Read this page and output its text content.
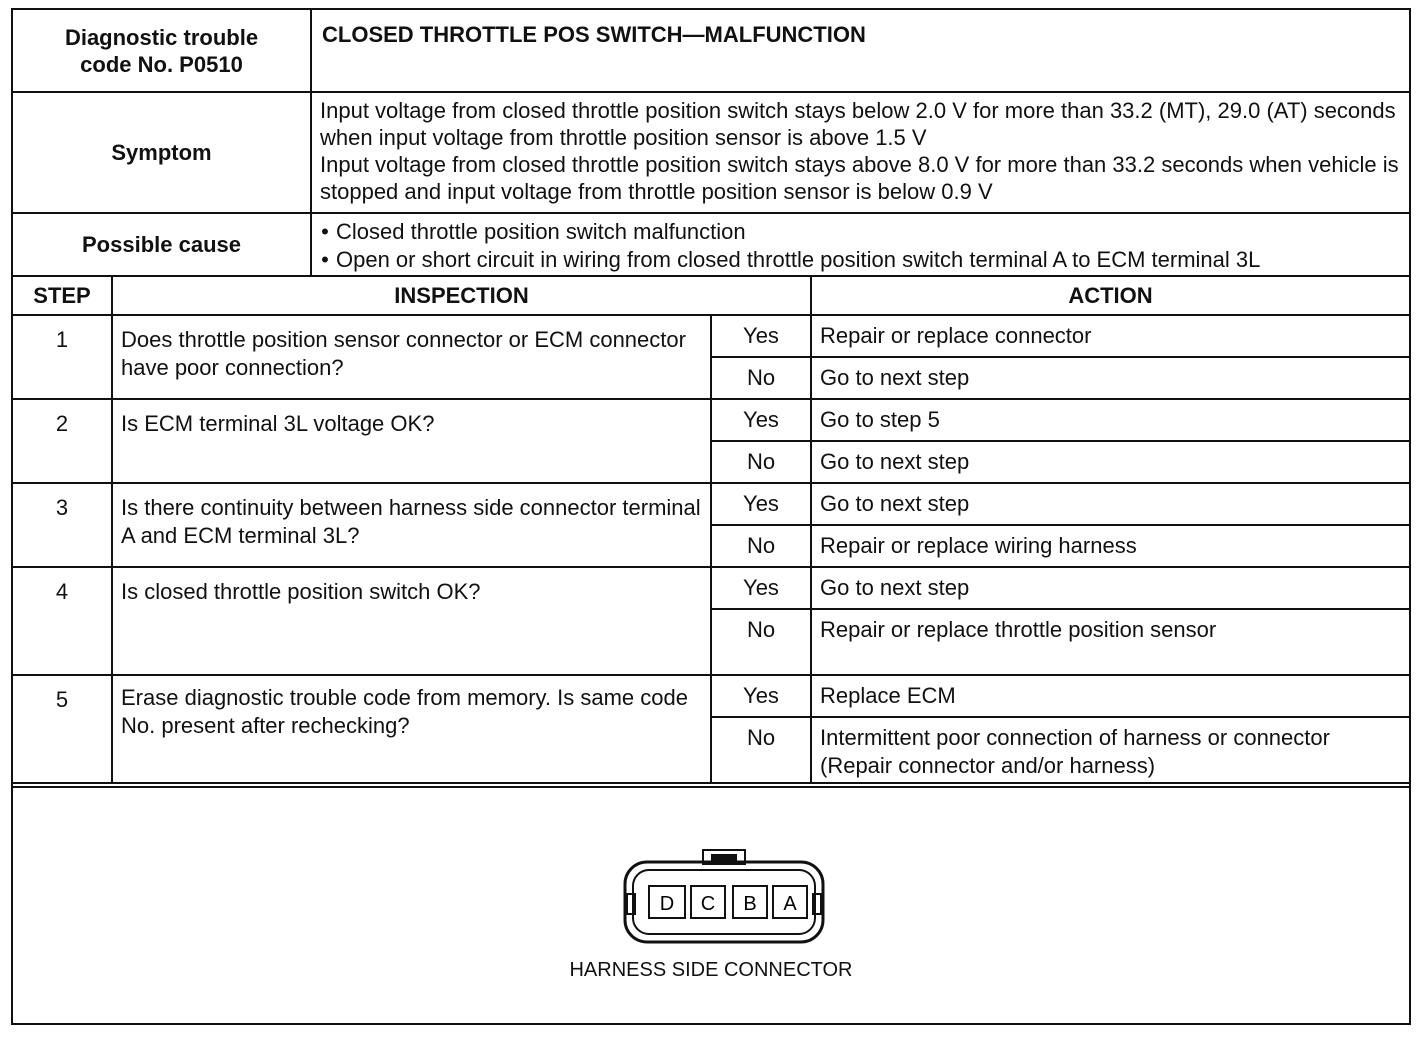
Diagnostic trouble code No. P0510	CLOSED THROTTLE POS SWITCH—MALFUNCTION
Symptom	Input voltage from closed throttle position switch stays below 2.0 V for more than 33.2 (MT), 29.0 (AT) seconds when input voltage from throttle position sensor is above 1.5 V
Input voltage from closed throttle position switch stays above 8.0 V for more than 33.2 seconds when vehicle is stopped and input voltage from throttle position sensor is below 0.9 V

Possible cause	• Closed throttle position switch malfunction
• Open or short circuit in wiring from closed throttle position switch terminal A to ECM terminal 3L
STEP	INSPECTION		ACTION
1	Does throttle position sensor connector or ECM connector have poor connection?	Yes	Repair or replace connector
		No	Go to next step
2	Is ECM terminal 3L voltage OK?	Yes	Go to step 5
		No	Go to next step
3	Is there continuity between harness side connector terminal A and ECM terminal 3L?	Yes	Go to next step
		No	Repair or replace wiring harness
4	Is closed throttle position switch OK?	Yes	Go to next step
		No	Repair or replace throttle position sensor
5	Erase diagnostic trouble code from memory. Is same code No. present after rechecking?	Yes	Replace ECM
		No	Intermittent poor connection of harness or connector (Repair connector and/or harness)
D C B A
HARNESS SIDE CONNECTOR
